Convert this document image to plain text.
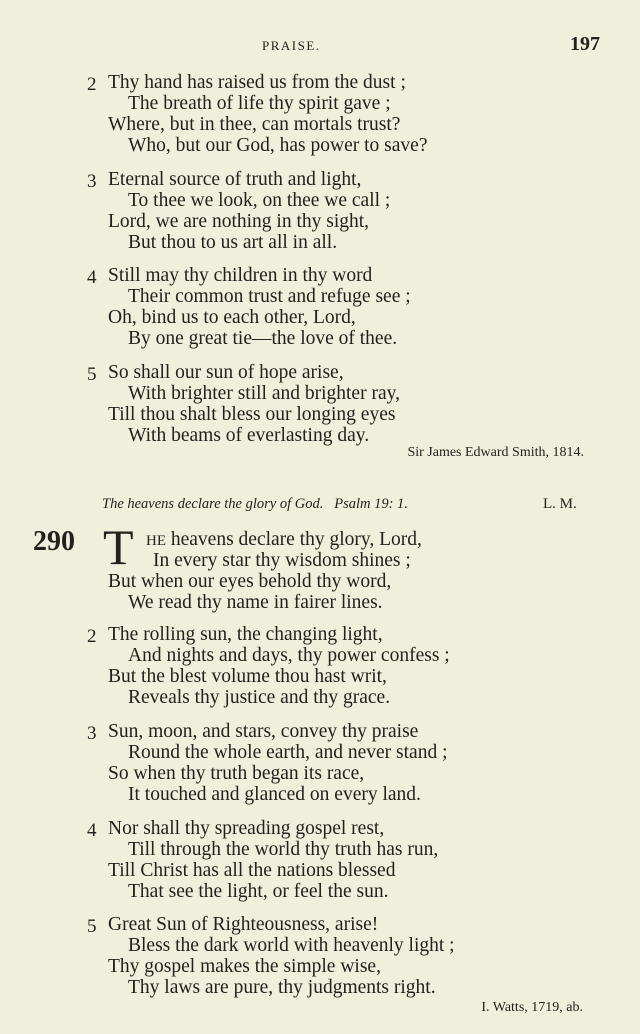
PRAISE.	197
2 Thy hand has raised us from the dust ;
The breath of life thy spirit gave ;
Where, but in thee, can mortals trust?
Who, but our God, has power to save?
3 Eternal source of truth and light,
To thee we look, on thee we call ;
Lord, we are nothing in thy sight,
But thou to us art all in all.
4 Still may thy children in thy word
Their common trust and refuge see ;
Oh, bind us to each other, Lord,
By one great tie—the love of thee.
5 So shall our sun of hope arise,
With brighter still and brighter ray,
Till thou shalt bless our longing eyes
With beams of everlasting day.
Sir James Edward Smith, 1814.
The heavens declare the glory of God. Psalm 19: 1.	L. M.
290 T HE heavens declare thy glory, Lord,
In every star thy wisdom shines ;
But when our eyes behold thy word,
We read thy name in fairer lines.
2 The rolling sun, the changing light,
And nights and days, thy power confess ;
But the blest volume thou hast writ,
Reveals thy justice and thy grace.
3 Sun, moon, and stars, convey thy praise
Round the whole earth, and never stand ;
So when thy truth began its race,
It touched and glanced on every land.
4 Nor shall thy spreading gospel rest,
Till through the world thy truth has run,
Till Christ has all the nations blessed
That see the light, or feel the sun.
5 Great Sun of Righteousness, arise!
Bless the dark world with heavenly light ;
Thy gospel makes the simple wise,
Thy laws are pure, thy judgments right.
I. Watts, 1719, ab.
